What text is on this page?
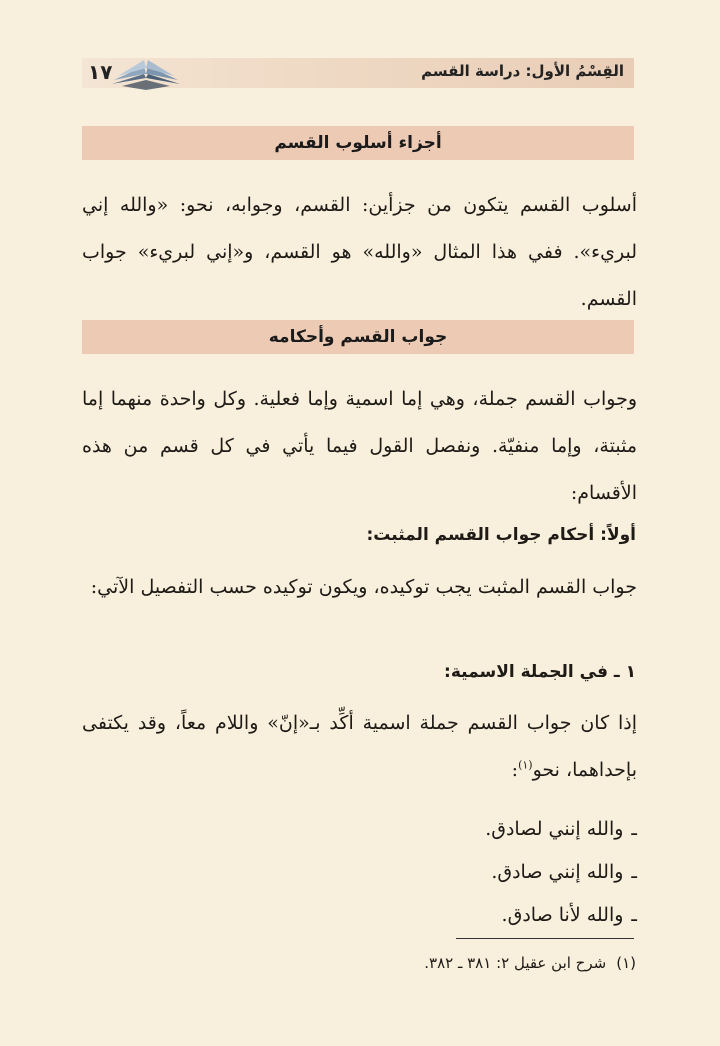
١٧	القِسْمُ الأول: دراسة القسم
أجزاء أسلوب القسم
أسلوب القسم يتكون من جزأين: القسم، وجوابه، نحو: «والله إني لبريء». ففي هذا المثال «والله» هو القسم، و«إني لبريء» جواب القسم.
جواب القسم وأحكامه
وجواب القسم جملة، وهي إما اسمية وإما فعلية. وكل واحدة منهما إما مثبتة، وإما منفيّة. ونفصل القول فيما يأتي في كل قسم من هذه الأقسام:
أولاً: أحكام جواب القسم المثبت:
جواب القسم المثبت يجب توكيده، ويكون توكيده حسب التفصيل الآتي:
١ ـ في الجملة الاسمية:
إذا كان جواب القسم جملة اسمية أكِّد بـ«إنّ» واللام معاً، وقد يكتفى بإحداهما، نحو$^{(١)}$:
ـوالله إنني لصادق.
ـوالله إنني صادق.
ـوالله لأنا صادق.
(١)شرح ابن عقيل ٢: ٣٨١ ـ ٣٨٢.
